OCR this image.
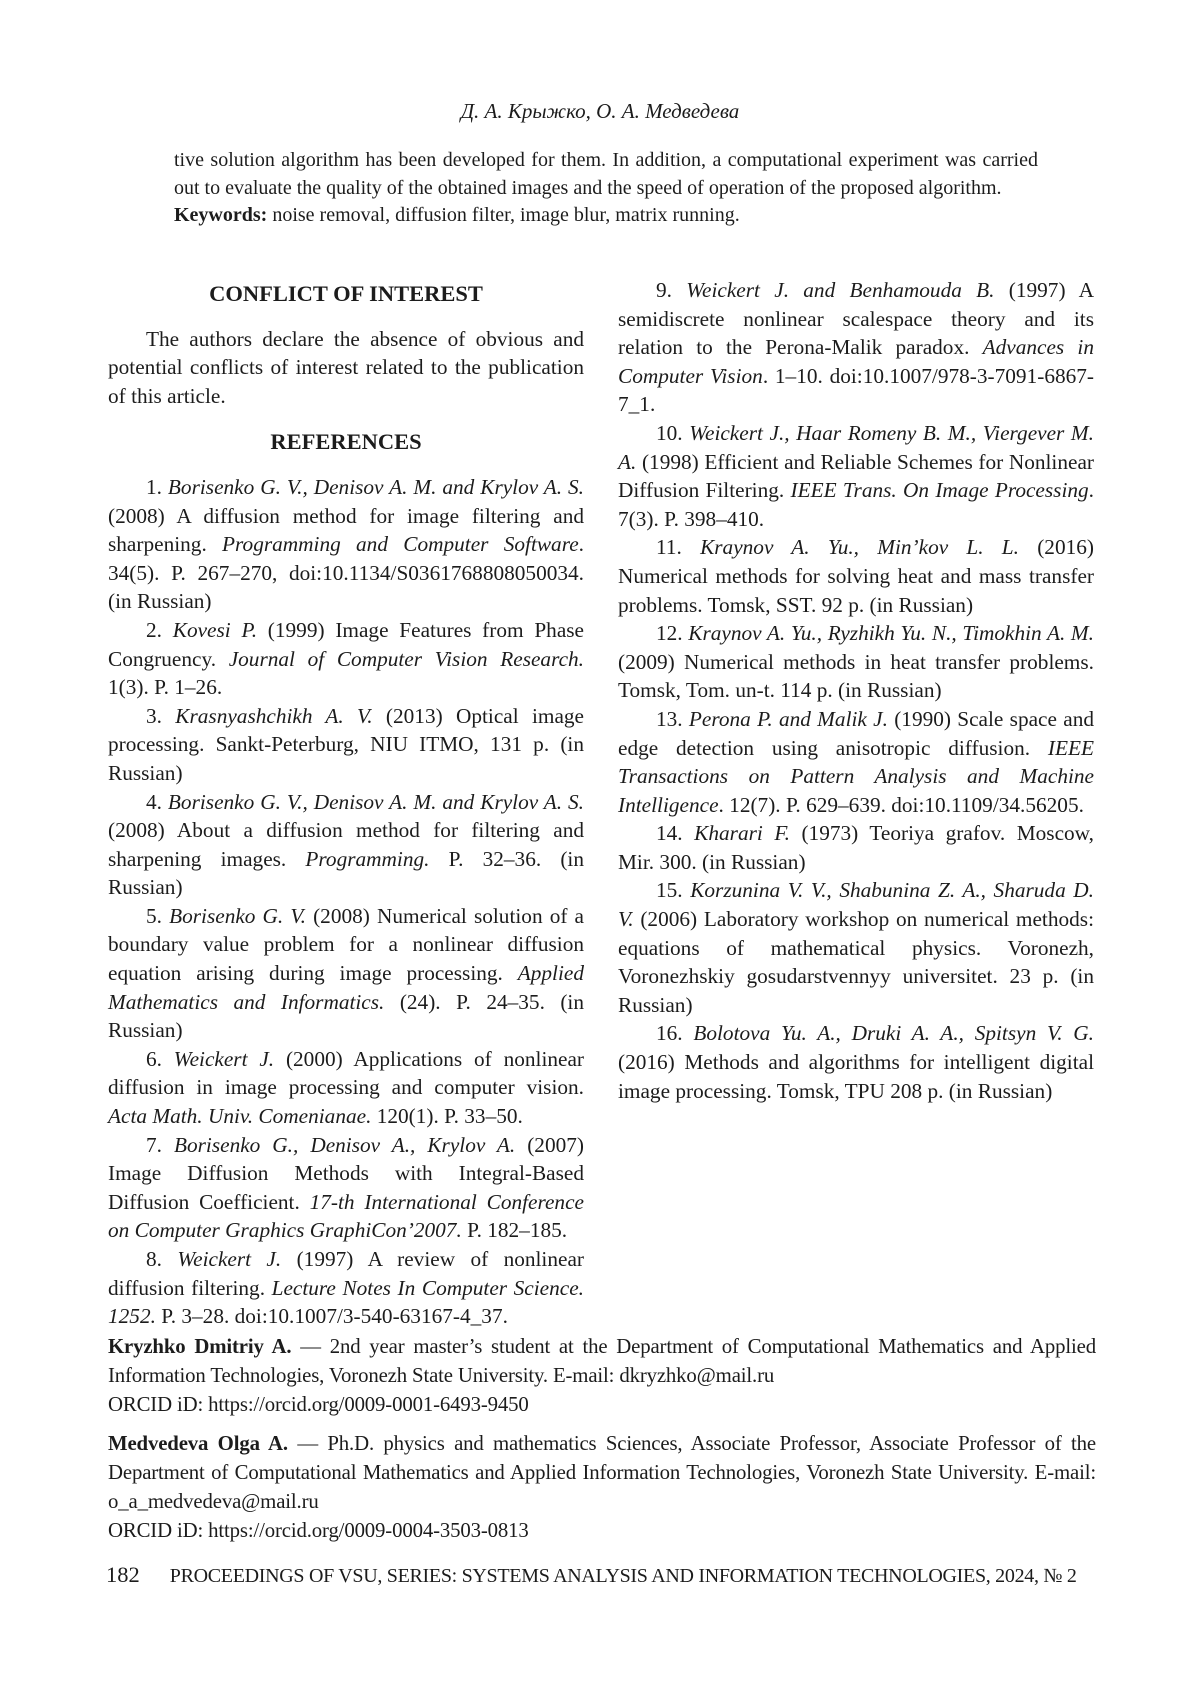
Д. А. Крыжко, О. А. Медведева

tive solution algorithm has been developed for them. In addition, a computational experiment was carried out to evaluate the quality of the obtained images and the speed of operation of the proposed algorithm.

Keywords: noise removal, diffusion filter, image blur, matrix running.

CONFLICT OF INTEREST

The authors declare the absence of obvious and potential conflicts of interest related to the publication of this article.

REFERENCES

1. Borisenko G. V., Denisov A. M. and Krylov A. S. (2008) A diffusion method for image filtering and sharpening. Programming and Computer Software. 34(5). P. 267–270, doi:10.1134/S0361768808050034. (in Russian)

2. Kovesi P. (1999) Image Features from Phase Congruency. Journal of Computer Vision Research. 1(3). P. 1–26.

3. Krasnyashchikh A. V. (2013) Optical image processing. Sankt-Peterburg, NIU ITMO, 131 p. (in Russian)

4. Borisenko G. V., Denisov A. M. and Krylov A. S. (2008) About a diffusion method for filtering and sharpening images. Programming. P. 32–36. (in Russian)

5. Borisenko G. V. (2008) Numerical solution of a boundary value problem for a nonlinear diffusion equation arising during image processing. Applied Mathematics and Informatics. (24). P. 24–35. (in Russian)

6. Weickert J. (2000) Applications of nonlinear diffusion in image processing and computer vision. Acta Math. Univ. Comenianae. 120(1). P. 33–50.

7. Borisenko G., Denisov A., Krylov A. (2007) Image Diffusion Methods with Integral-Based Diffusion Coefficient. 17-th International Conference on Computer Graphics GraphiCon’2007. P. 182–185.

8. Weickert J. (1997) A review of nonlinear diffusion filtering. Lecture Notes In Computer Science. 1252. P. 3–28. doi:10.1007/3-540-63167-4_37.

9. Weickert J. and Benhamouda B. (1997) A semidiscrete nonlinear scalespace theory and its relation to the Perona-Malik paradox. Advances in Computer Vision. 1–10. doi:10.1007/978-3-7091-6867-7_1.

10. Weickert J., Haar Romeny B. M., Viergever M. A. (1998) Efficient and Reliable Schemes for Nonlinear Diffusion Filtering. IEEE Trans. On Image Processing. 7(3). P. 398–410.

11. Kraynov A. Yu., Min’kov L. L. (2016) Numerical methods for solving heat and mass transfer problems. Tomsk, SST. 92 p. (in Russian)

12. Kraynov A. Yu., Ryzhikh Yu. N., Timokhin A. M. (2009) Numerical methods in heat transfer problems. Tomsk, Tom. un-t. 114 p. (in Russian)

13. Perona P. and Malik J. (1990) Scale space and edge detection using anisotropic diffusion. IEEE Transactions on Pattern Analysis and Machine Intelligence. 12(7). P. 629–639. doi:10.1109/34.56205.

14. Kharari F. (1973) Teoriya grafov. Moscow, Mir. 300. (in Russian)

15. Korzunina V. V., Shabunina Z. A., Sharuda D. V. (2006) Laboratory workshop on numerical methods: equations of mathematical physics. Voronezh, Voronezhskiy gosudarstvennyy universitet. 23 p. (in Russian)

16. Bolotova Yu. A., Druki A. A., Spitsyn V. G. (2016) Methods and algorithms for intelligent digital image processing. Tomsk, TPU 208 p. (in Russian)

Kryzhko Dmitriy A. — 2nd year master’s student at the Department of Computational Mathematics and Applied Information Technologies, Voronezh State University. E-mail: dkryzhko@mail.ru

ORCID iD: https://orcid.org/0009-0001-6493-9450

Medvedeva Olga A. — Ph.D. physics and mathematics Sciences, Associate Professor, Associate Professor of the Department of Computational Mathematics and Applied Information Technologies, Voronezh State University. E-mail: o_a_medvedeva@mail.ru

ORCID iD: https://orcid.org/0009-0004-3503-0813

182 PROCEEDINGS OF VSU, SERIES: SYSTEMS ANALYSIS AND INFORMATION TECHNOLOGIES, 2024, № 2
